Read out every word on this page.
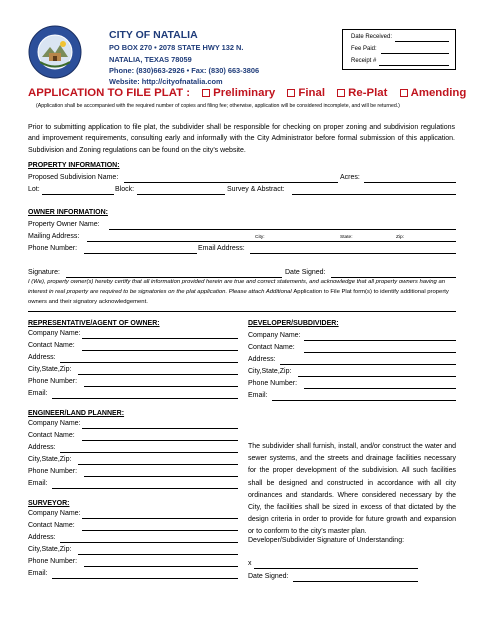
CITY OF NATALIA
PO BOX 270 • 2078 STATE HWY 132 N.
NATALIA, TEXAS 78059
Phone: (830)663-2926 • Fax: (830) 663-3806
Website: http://cityofnatalia.com
Date Received:
Fee Paid:
Receipt #
APPLICATION TO FILE PLAT : Preliminary Final Re-Plat Amending
(Application shall be accompanied with the required number of copies and filing fee; otherwise, application will be considered incomplete, and will be returned.)
Prior to submitting application to file plat, the subdivider shall be responsible for checking on proper zoning and subdivision regulations and improvement requirements, consulting early and informally with the City Administrator before formal submission of this application. Subdivision and Zoning regulations can be found on the city’s website.
PROPERTY INFORMATION:
Proposed Subdivision Name:	Acres:
Lot:	Block:	Survey & Abstract:
OWNER INFORMATION:
Property Owner Name:
Mailing Address:	City:	State:	Zip:
Phone Number:	Email Address:
Signature:	Date Signed:
I (We), property owner(s) hereby certify that all information provided herein are true and correct statements, and acknowledge that all property owners having an interest in real property are required to be signatories on the plat application. Please attach Additional Application to File Plat form(s) to identify additional property owners and their signatory acknowledgement.
REPRESENTATIVE/AGENT OF OWNER:
Company Name:
Contact Name:
Address:
City,State,Zip:
Phone Number:
Email:
ENGINEER/LAND PLANNER:
Company Name:
Contact Name:
Address:
City,State,Zip:
Phone Number:
Email:
SURVEYOR:
Company Name:
Contact Name:
Address:
City,State,Zip:
Phone Number:
Email:
DEVELOPER/SUBDIVIDER:
Company Name:
Contact Name:
Address:
City,State,Zip:
Phone Number:
Email:
The subdivider shall furnish, install, and/or construct the water and sewer systems, and the streets and drainage facilities necessary for the proper development of the subdivision. All such facilities shall be designed and constructed in accordance with all city ordinances and standards. Where considered necessary by the City, the facilities shall be sized in excess of that dictated by the design criteria in order to provide for future growth and expansion or to conform to the city’s master plan.
Developer/Subdivider Signature of Understanding:
x
Date Signed:
